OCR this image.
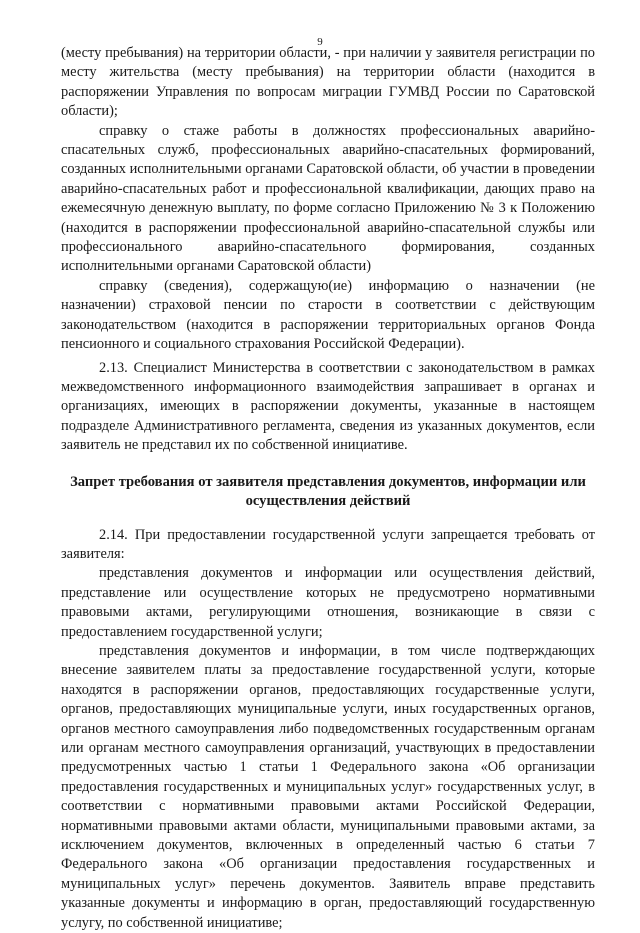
9

(месту пребывания) на территории области, - при наличии у заявителя регистрации по месту жительства (месту пребывания) на территории области (находится в распоряжении Управления по вопросам миграции ГУМВД России по Саратовской области);

справку о стаже работы в должностях профессиональных аварийно-спасательных служб, профессиональных аварийно-спасательных формирований, созданных исполнительными органами Саратовской области, об участии в проведении аварийно-спасательных работ и профессиональной квалификации, дающих право на ежемесячную денежную выплату, по форме согласно Приложению № 3 к Положению (находится в распоряжении профессиональной аварийно-спасательной службы или профессионального аварийно-спасательного формирования, созданных исполнительными органами Саратовской области)

справку (сведения), содержащую(ие) информацию о назначении (не назначении) страховой пенсии по старости в соответствии с действующим законодательством (находится в распоряжении территориальных органов Фонда пенсионного и социального страхования Российской Федерации).

2.13. Специалист Министерства в соответствии с законодательством в рамках межведомственного информационного взаимодействия запрашивает в органах и организациях, имеющих в распоряжении документы, указанные в настоящем подразделе Административного регламента, сведения из указанных документов, если заявитель не представил их по собственной инициативе.

Запрет требования от заявителя представления документов, информации или осуществления действий

2.14. При предоставлении государственной услуги запрещается требовать от заявителя:

представления документов и информации или осуществления действий, представление или осуществление которых не предусмотрено нормативными правовыми актами, регулирующими отношения, возникающие в связи с предоставлением государственной услуги;

представления документов и информации, в том числе подтверждающих внесение заявителем платы за предоставление государственной услуги, которые находятся в распоряжении органов, предоставляющих государственные услуги, органов, предоставляющих муниципальные услуги, иных государственных органов, органов местного самоуправления либо подведомственных государственным органам или органам местного самоуправления организаций, участвующих в предоставлении предусмотренных частью 1 статьи 1 Федерального закона «Об организации предоставления государственных и муниципальных услуг» государственных услуг, в соответствии с нормативными правовыми актами Российской Федерации, нормативными правовыми актами области, муниципальными правовыми актами, за исключением документов, включенных в определенный частью 6 статьи 7 Федерального закона «Об организации предоставления государственных и муниципальных услуг» перечень документов. Заявитель вправе представить указанные документы и информацию в орган, предоставляющий государственную услугу, по собственной инициативе;
